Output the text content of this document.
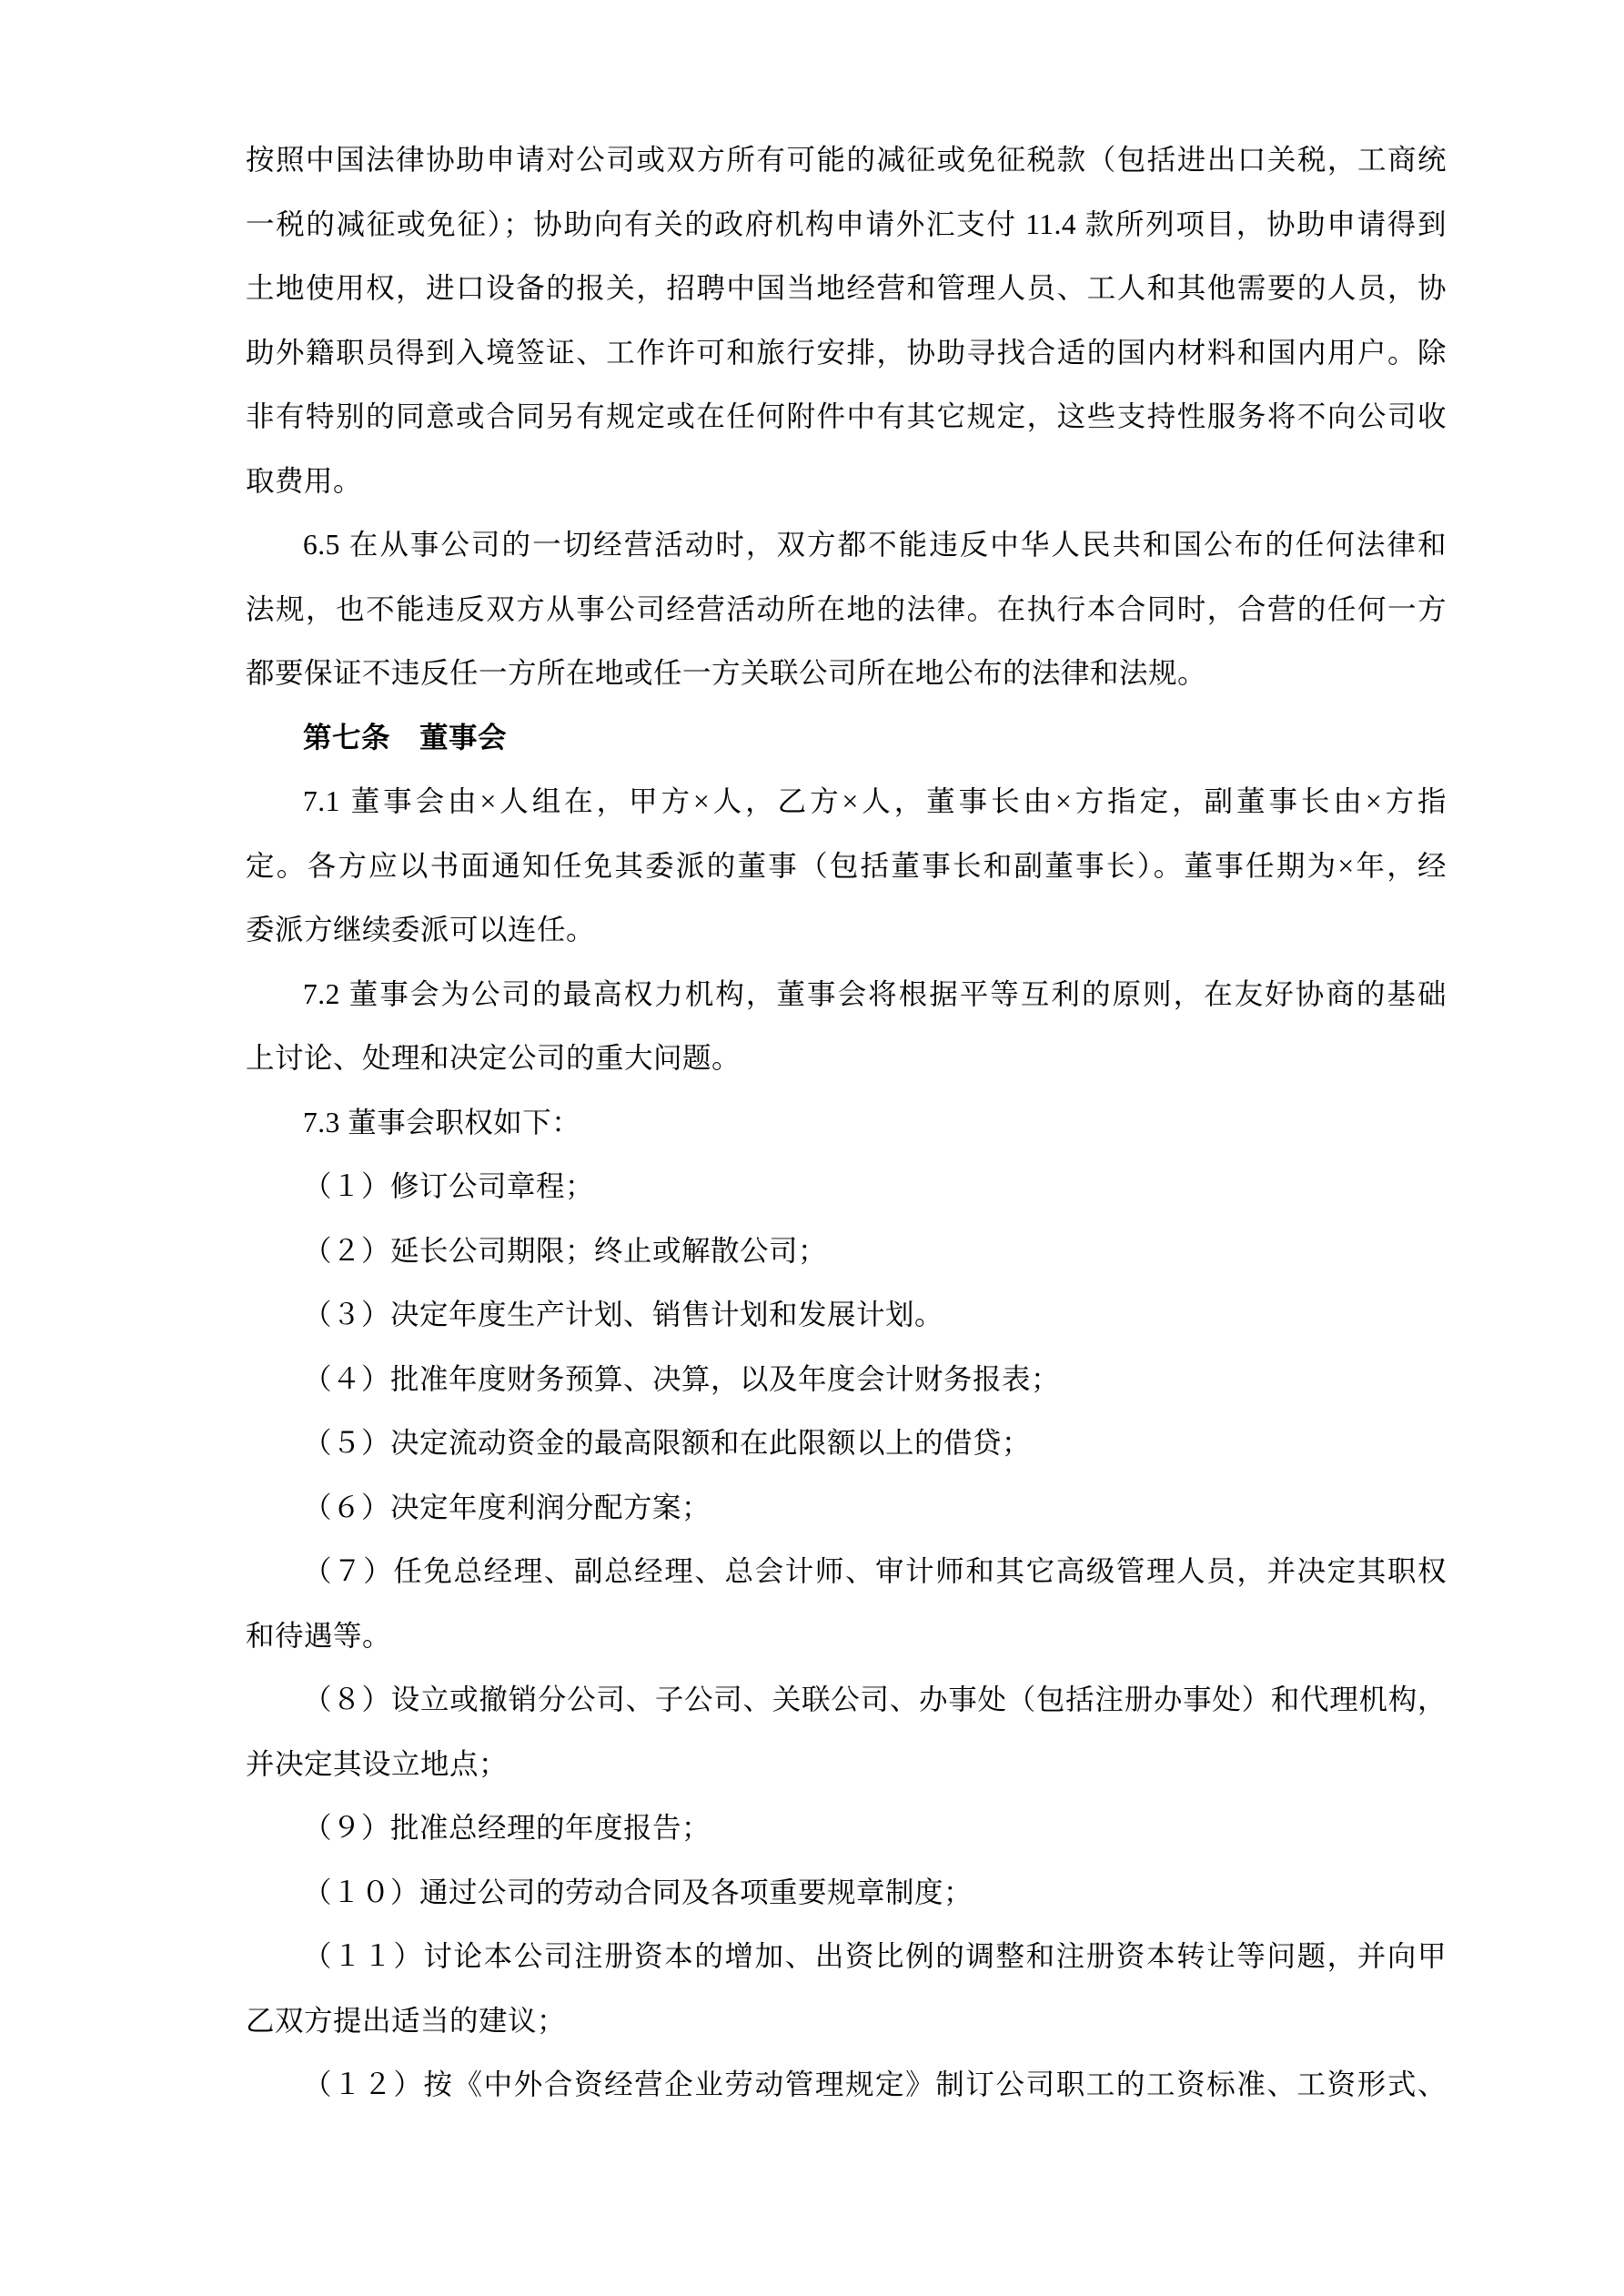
按照中国法律协助申请对公司或双方所有可能的减征或免征税款（包括进出口关税，工商统

一税的减征或免征）；协助向有关的政府机构申请外汇支付 11.4 款所列项目，协助申请得到

土地使用权，进口设备的报关，招聘中国当地经营和管理人员、工人和其他需要的人员，协

助外籍职员得到入境签证、工作许可和旅行安排，协助寻找合适的国内材料和国内用户。除

非有特别的同意或合同另有规定或在任何附件中有其它规定，这些支持性服务将不向公司收

取费用。

6.5 在从事公司的一切经营活动时，双方都不能违反中华人民共和国公布的任何法律和

法规，也不能违反双方从事公司经营活动所在地的法律。在执行本合同时，合营的任何一方

都要保证不违反任一方所在地或任一方关联公司所在地公布的法律和法规。

第七条　董事会

7.1 董事会由×人组在，甲方×人，乙方×人，董事长由×方指定，副董事长由×方指

定。各方应以书面通知任免其委派的董事（包括董事长和副董事长）。董事任期为×年，经

委派方继续委派可以连任。

7.2 董事会为公司的最高权力机构，董事会将根据平等互利的原则，在友好协商的基础

上讨论、处理和决定公司的重大问题。

7.3 董事会职权如下：

（１）修订公司章程；

（２）延长公司期限；终止或解散公司；

（３）决定年度生产计划、销售计划和发展计划。

（４）批准年度财务预算、决算，以及年度会计财务报表；

（５）决定流动资金的最高限额和在此限额以上的借贷；

（６）决定年度利润分配方案；

（７）任免总经理、副总经理、总会计师、审计师和其它高级管理人员，并决定其职权

和待遇等。

（８）设立或撤销分公司、子公司、关联公司、办事处（包括注册办事处）和代理机构，

并决定其设立地点；

（９）批准总经理的年度报告；

（１０）通过公司的劳动合同及各项重要规章制度；

（１１）讨论本公司注册资本的增加、出资比例的调整和注册资本转让等问题，并向甲

乙双方提出适当的建议；

（１２）按《中外合资经营企业劳动管理规定》制订公司职工的工资标准、工资形式、
